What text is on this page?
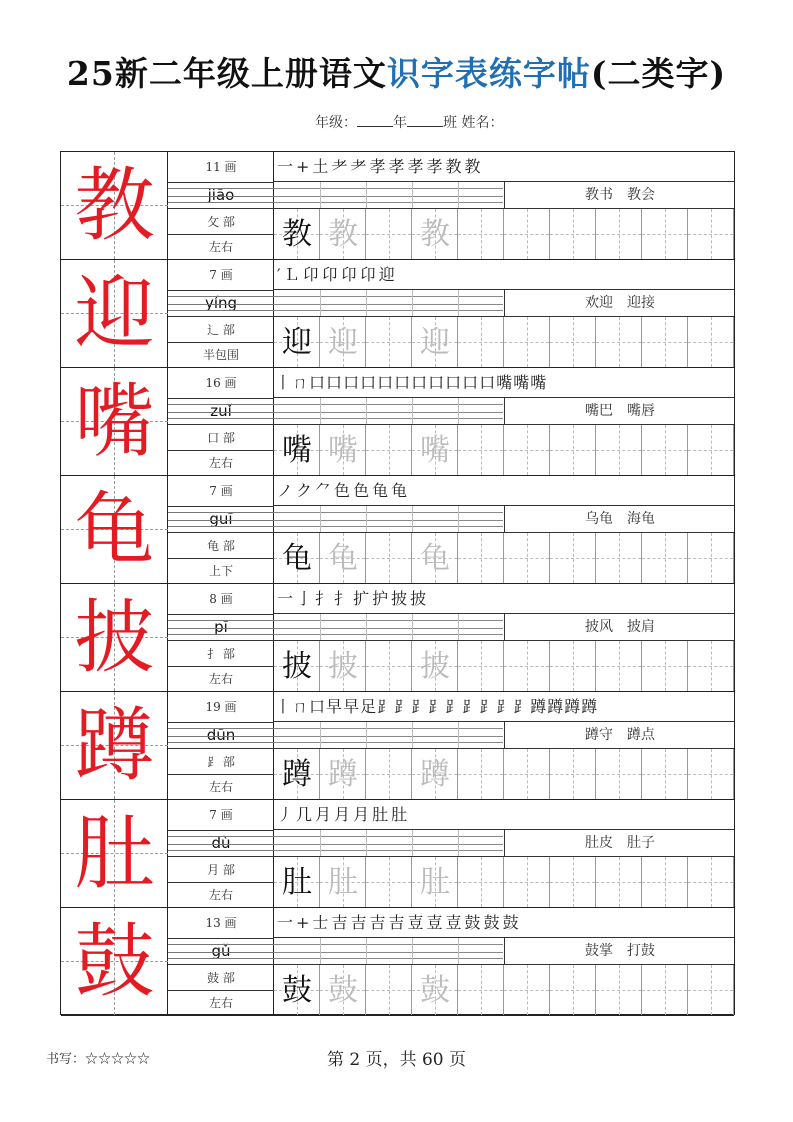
25新二年级上册语文识字表练字帖(二类字)
年级：	年	班 姓名：
教	11 画
jiāo
攵 部
左右
一 + 土 耂 耂 孝 孝 孝 孝 教 教
教书　教会
教 教 教
迎	7 画
yíng
辶 部
半包围
′ Ｌ 卬 卬 卬 卬 迎
欢迎　迎接
迎 迎 迎
嘴	16 画
zuǐ
口 部
左右
丨ㄇ口口口口口口口口口口口嘴嘴嘴
嘴巴　嘴唇
嘴 嘴 嘴
龟	7 画
guī
龟 部
上下
ノ ク ⺈ 色 色 龟 龟
乌龟　海龟
龟 龟 龟
披	8 画
pī
扌 部
左右
一 亅 扌 扌 扩 护 披 披
披风　披肩
披 披 披
蹲	19 画
dūn
⻊ 部
左右
丨ㄇ口早早足⻊⻊⻊⻊⻊⻊⻊⻊⻊蹲蹲蹲蹲
蹲守　蹲点
蹲 蹲 蹲
肚	7 画
dù
月 部
左右
丿 几 月 月 月 肚 肚
肚皮　肚子
肚 肚 肚
鼓	13 画
gǔ
鼓 部
左右
一 + 士 吉 吉 吉 吉 壴 壴 壴 鼓 鼓 鼓
鼓掌　打鼓
鼓 鼓 鼓
书写：☆☆☆☆☆	第 2 页，共 60 页
